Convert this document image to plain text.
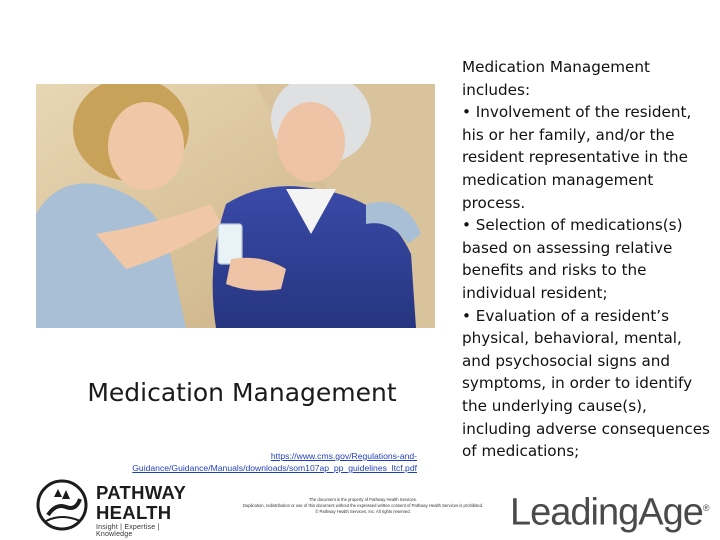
Medication Management
https://www.cms.gov/Regulations-and-Guidance/Guidance/Manuals/downloads/som107ap_pp_guidelines_ltcf.pdf

Medication Management includes:

• Involvement of the resident, his or her family, and/or the resident representative in the medication management process.

• Selection of medications(s) based on assessing relative benefits and risks to the individual resident;

• Evaluation of a resident’s physical, behavioral, mental, and psychosocial signs and symptoms, in order to identify the underlying cause(s), including adverse consequences of medications;

PATHWAY
HEALTH
Insight | Expertise | Knowledge
The document is the property of Pathway Health Services.
Duplication, redistribution or use of this document without the expressed written consent of Pathway Health Services is prohibited.
© Pathway Health Services, Inc. All rights reserved.	LeadingAge®
